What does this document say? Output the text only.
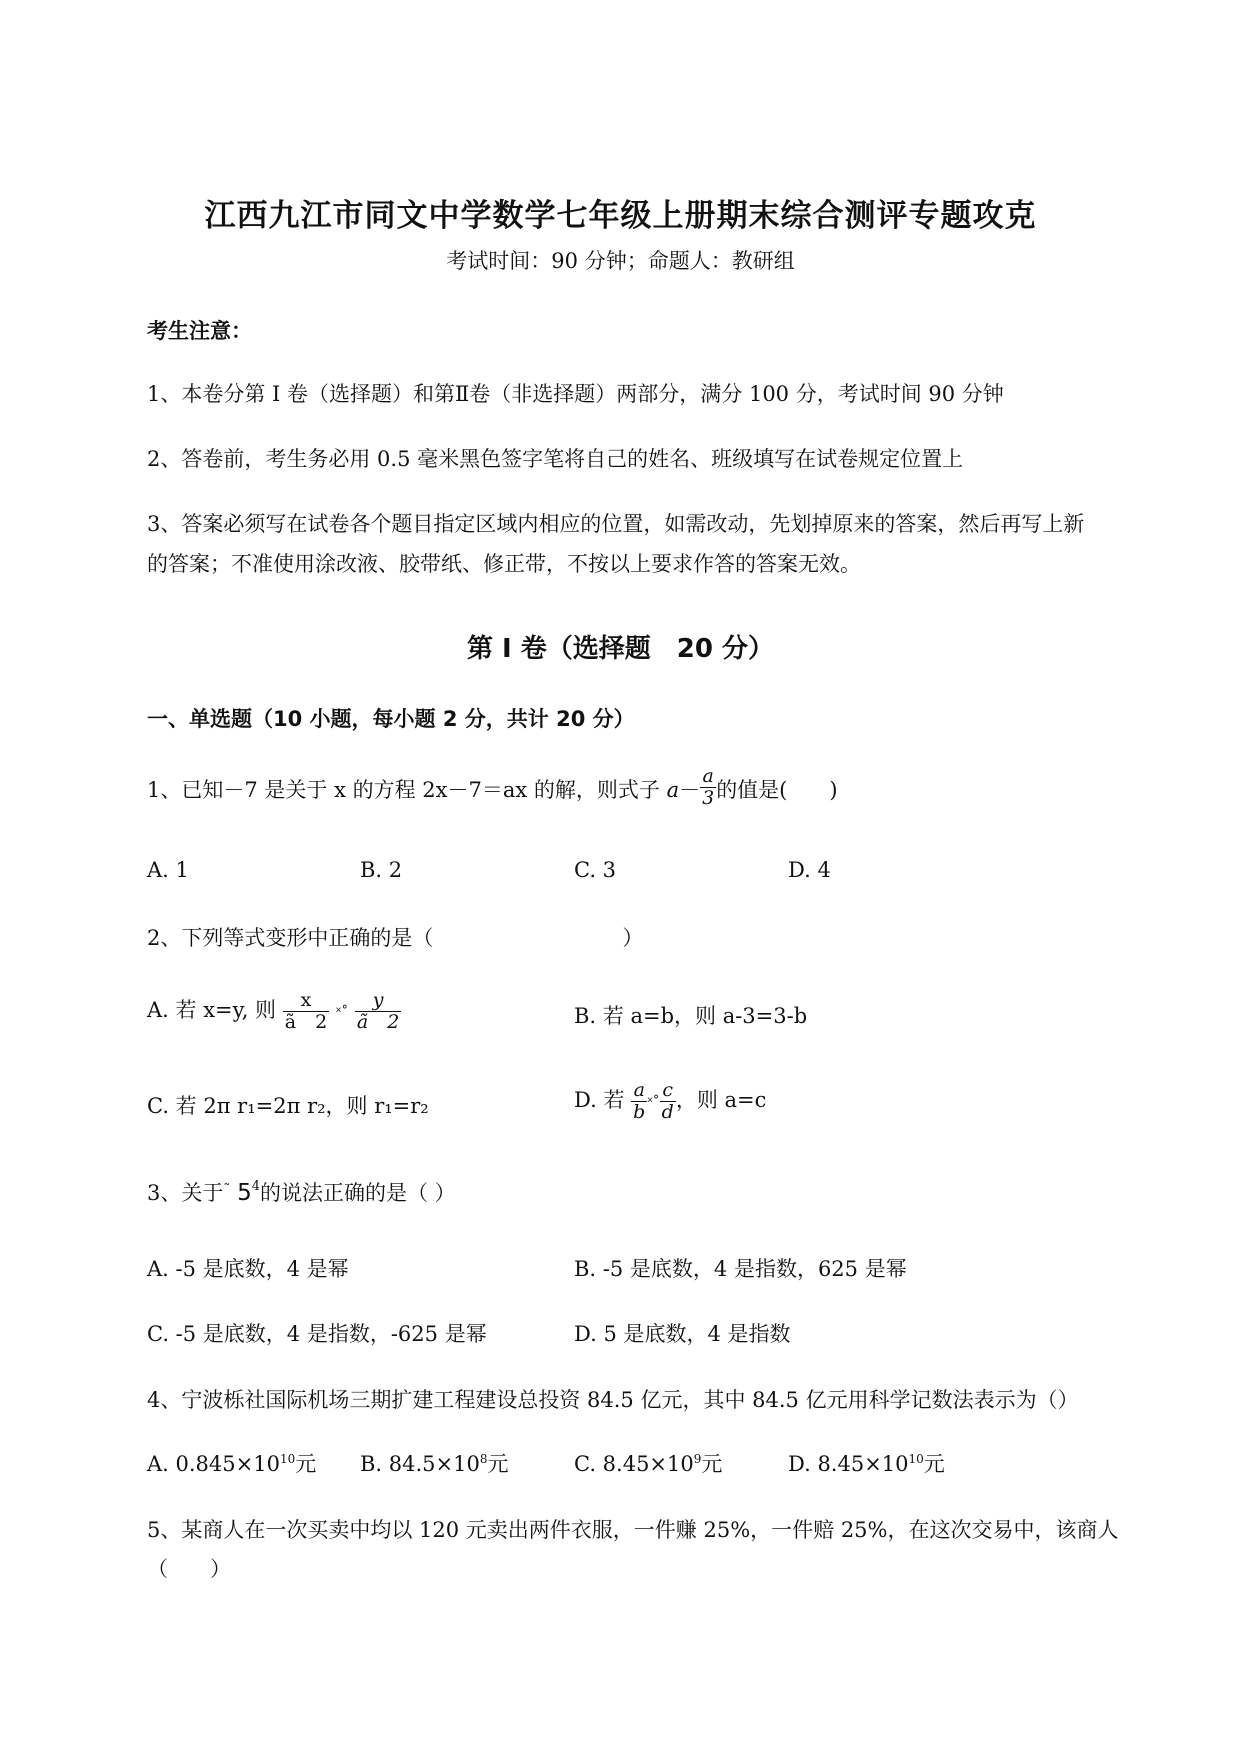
江西九江市同文中学数学七年级上册期末综合测评专题攻克
考试时间：90 分钟；命题人：教研组
考生注意：
1、本卷分第 I 卷（选择题）和第Ⅱ卷（非选择题）两部分，满分 100 分，考试时间 90 分钟
2、答卷前，考生务必用 0.5 毫米黑色签字笔将自己的姓名、班级填写在试卷规定位置上
3、答案必须写在试卷各个题目指定区域内相应的位置，如需改动，先划掉原来的答案，然后再写上新
的答案；不准使用涂改液、胶带纸、修正带，不按以上要求作答的答案无效。
第 I 卷（选择题　20 分）
一、单选题（10 小题，每小题 2 分，共计 20 分）
1、已知－7 是关于 x 的方程 2x－7＝ax 的解，则式子 $a- \frac{a}{3}$ 的值是(　　)
A. 1	B. 2	C. 3	D. 4
2、下列等式变形中正确的是（　　　　　　　　　）
A. 若 x=y, 则 $\frac{x}{ã 2}$ ˟˚ $\frac{y}{ã 2}$	B. 若 a=b，则 a-3=3-b
C. 若 2π r₁=2π r₂，则 r₁=r₂	D. 若 $\frac{a}{b}$ ˟˚ $\frac{c}{d}$ ，则 a=c
3、关于˜ $5^4$的说法正确的是（ ）
A. -5 是底数，4 是幂	B. -5 是底数，4 是指数，625 是幂
C. -5 是底数，4 是指数，-625 是幂	D. 5 是底数，4 是指数
4、宁波栎社国际机场三期扩建工程建设总投资 84.5 亿元，其中 84.5 亿元用科学记数法表示为（）
A. $0.845\times 10^{10}$元 B. $84.5\times 10^8$元	C. $8.45\times 10^9$元	D. $8.45\times 10^{10}$元
5、某商人在一次买卖中均以 120 元卖出两件衣服，一件赚 25%，一件赔 25%，在这次交易中，该商人
（　　）
